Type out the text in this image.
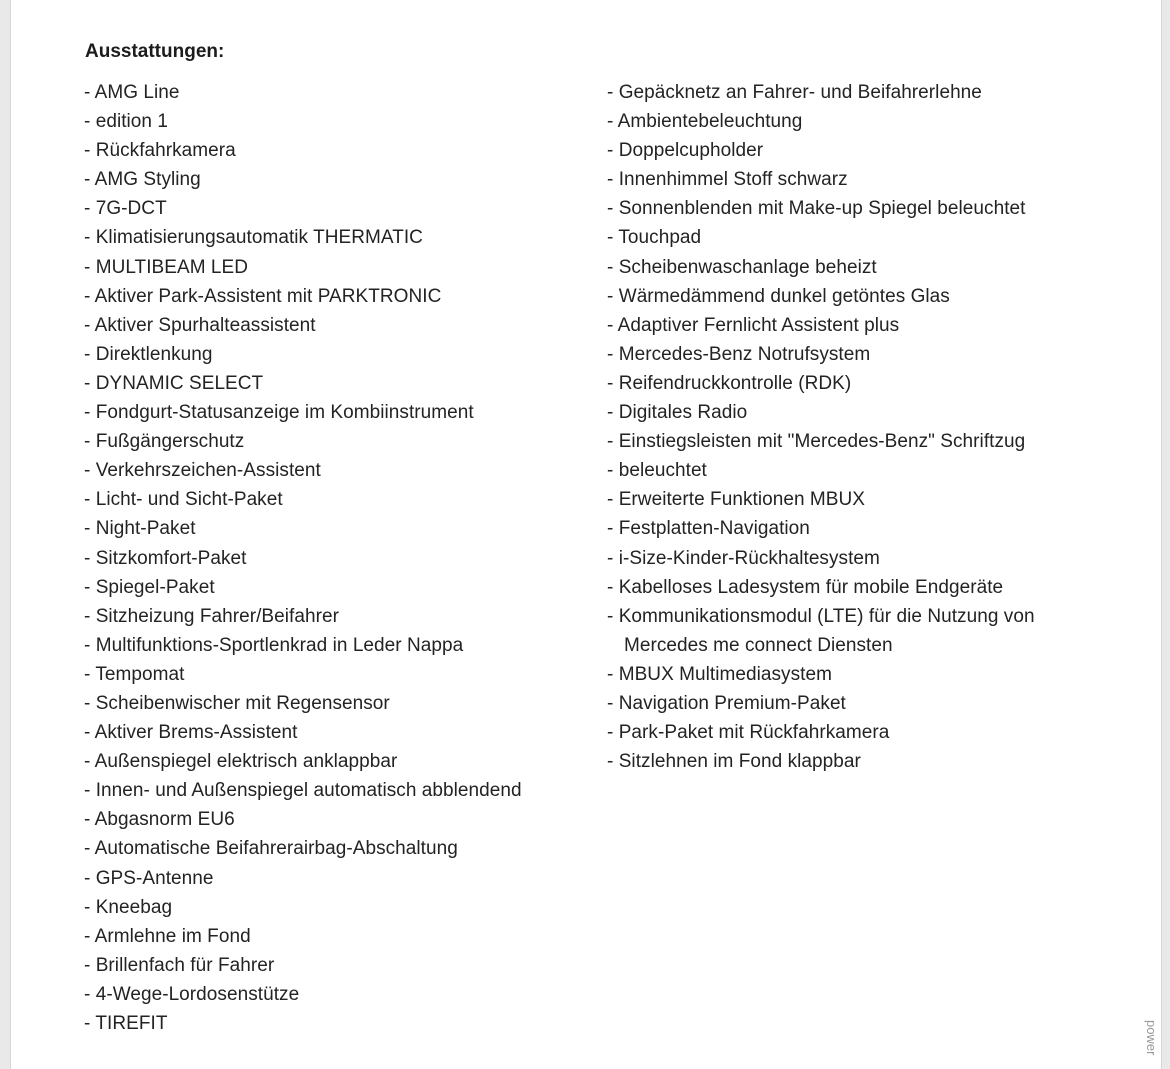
Ausstattungen:
- AMG Line
- edition 1
- Rückfahrkamera
- AMG Styling
- 7G-DCT
- Klimatisierungsautomatik THERMATIC
- MULTIBEAM LED
- Aktiver Park-Assistent mit PARKTRONIC
- Aktiver Spurhalteassistent
- Direktlenkung
- DYNAMIC SELECT
- Fondgurt-Statusanzeige im Kombiinstrument
- Fußgängerschutz
- Verkehrszeichen-Assistent
- Licht- und Sicht-Paket
- Night-Paket
- Sitzkomfort-Paket
- Spiegel-Paket
- Sitzheizung Fahrer/Beifahrer
- Multifunktions-Sportlenkrad in Leder Nappa
- Tempomat
- Scheibenwischer mit Regensensor
- Aktiver Brems-Assistent
- Außenspiegel elektrisch anklappbar
- Innen- und Außenspiegel automatisch abblendend
- Abgasnorm EU6
- Automatische Beifahrerairbag-Abschaltung
- GPS-Antenne
- Kneebag
- Armlehne im Fond
- Brillenfach für Fahrer
- 4-Wege-Lordosenstütze
- TIREFIT
- Gepäcknetz an Fahrer- und Beifahrerlehne
- Ambientebeleuchtung
- Doppelcupholder
- Innenhimmel Stoff schwarz
- Sonnenblenden mit Make-up Spiegel beleuchtet
- Touchpad
- Scheibenwaschanlage beheizt
- Wärmedämmend dunkel getöntes Glas
- Adaptiver Fernlicht Assistent plus
- Mercedes-Benz Notrufsystem
- Reifendruckkontrolle (RDK)
- Digitales Radio
- Einstiegsleisten mit "Mercedes-Benz" Schriftzug
- beleuchtet
- Erweiterte Funktionen MBUX
- Festplatten-Navigation
- i-Size-Kinder-Rückhaltesystem
- Kabelloses Ladesystem für mobile Endgeräte
- Kommunikationsmodul (LTE) für die Nutzung von
Mercedes me connect Diensten
- MBUX Multimediasystem
- Navigation Premium-Paket
- Park-Paket mit Rückfahrkamera
- Sitzlehnen im Fond klappbar
power
